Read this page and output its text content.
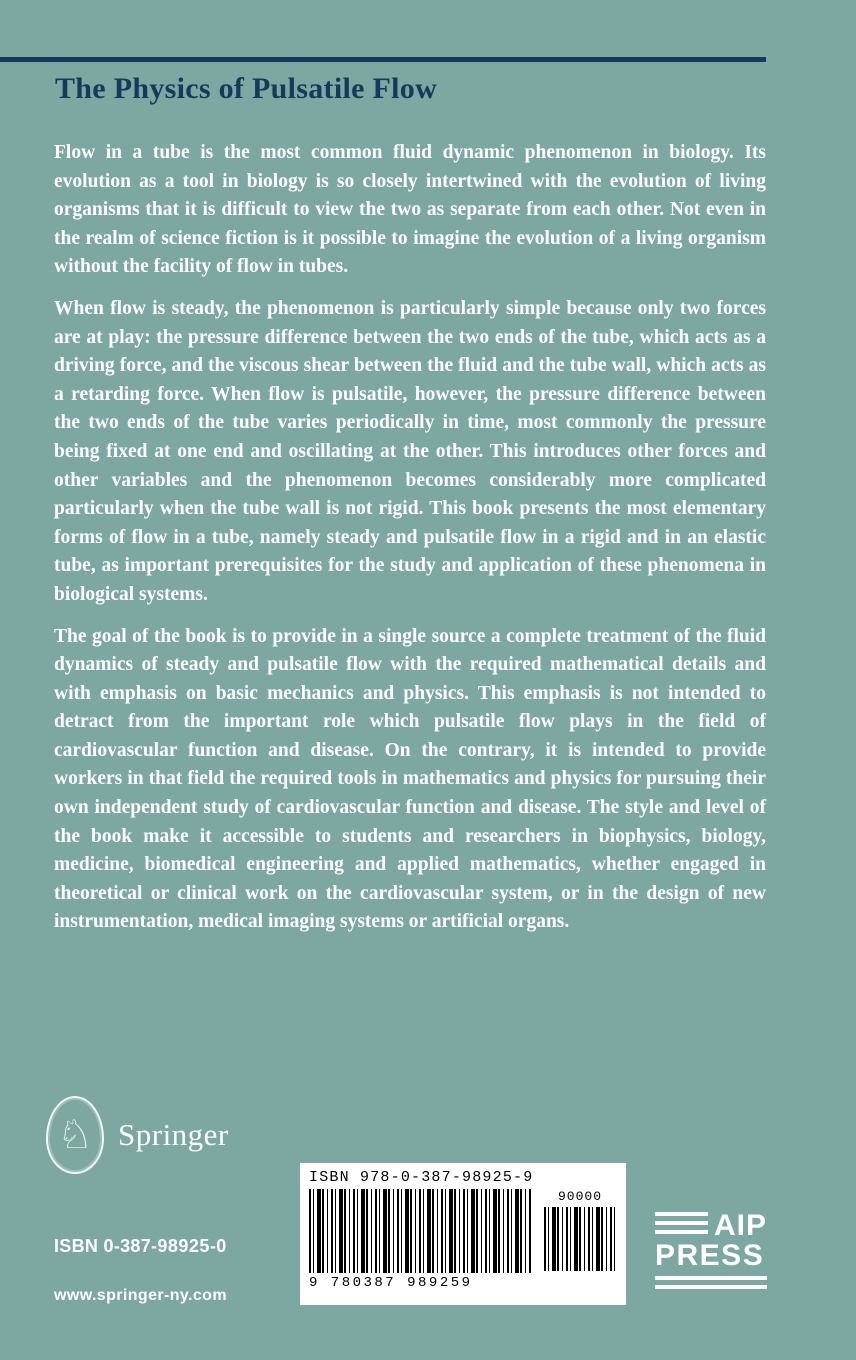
The Physics of Pulsatile Flow

Flow in a tube is the most common fluid dynamic phenomenon in biology. Its evolution as a tool in biology is so closely intertwined with the evolution of living organisms that it is difficult to view the two as separate from each other. Not even in the realm of science fiction is it possible to imagine the evolution of a living organism without the facility of flow in tubes.

When flow is steady, the phenomenon is particularly simple because only two forces are at play: the pressure difference between the two ends of the tube, which acts as a driving force, and the viscous shear between the fluid and the tube wall, which acts as a retarding force. When flow is pulsatile, however, the pressure difference between the two ends of the tube varies periodically in time, most commonly the pressure being fixed at one end and oscillating at the other. This introduces other forces and other variables and the phenomenon becomes considerably more complicated particularly when the tube wall is not rigid. This book presents the most elementary forms of flow in a tube, namely steady and pulsatile flow in a rigid and in an elastic tube, as important prerequisites for the study and application of these phenomena in biological systems.

The goal of the book is to provide in a single source a complete treatment of the fluid dynamics of steady and pulsatile flow with the required mathematical details and with emphasis on basic mechanics and physics. This emphasis is not intended to detract from the important role which pulsatile flow plays in the field of cardiovascular function and disease. On the contrary, it is intended to provide workers in that field the required tools in mathematics and physics for pursuing their own independent study of cardiovascular function and disease. The style and level of the book make it accessible to students and researchers in biophysics, biology, medicine, biomedical engineering and applied mathematics, whether engaged in theoretical or clinical work on the cardiovascular system, or in the design of new instrumentation, medical imaging systems or artificial organs.

♘ Springer
ISBN 0-387-98925-0
www.springer-ny.com
ISBN 978-0-387-98925-9
9 780387 989259
90000
AIP
PRESS
